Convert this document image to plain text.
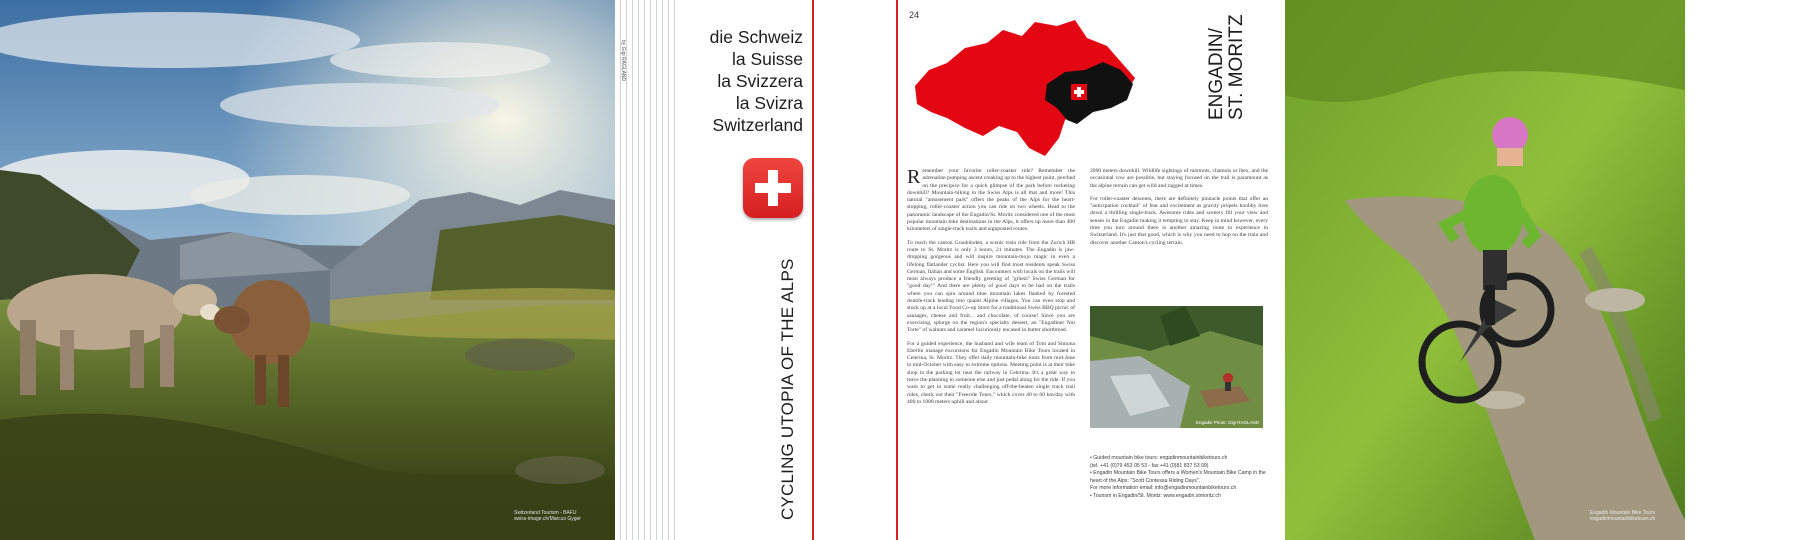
Switzerland Tourism - BAFU
swiss-image.ch/Marcus Gyger
die Schweiz
la Suisse
la Svizzera
la Svizra
Switzerland
CYCLING UTOPIA OF THE ALPS
by Gigi RAGLAND
24
ENGADIN/ ST. MORITZ

Remember your favorite roller-coaster ride? Remember the adrenaline pumping ascent creaking up to the highest point, perched on the precipice for a quick glimpse of the park before rocketing downhill? Mountain-biking in the Swiss Alps is all that and more! This natural "amusement park" offers the peaks of the Alps for the heart-stopping, roller-coaster action you can ride on two wheels. Head to the panoramic landscape of the Engadin/St. Moritz considered one of the most popular mountain bike destinations in the Alps, it offers up more than 400 kilometers of single-track trails and signposted routes.

To reach the canton Graubünden, a scenic train ride from the Zurich HB route to St. Moritz is only 3 hours, 21 minutes. The Engadin is jaw-dropping gorgeous and will inspire mountain-mojo magic in even a lifelong flatlander cyclist. Here you will find most residents speak Swiss German, Italian and some English. Encounters with locals on the trails will most always produce a friendly greeting of "grüezi" Swiss German for "good day!" And there are plenty of good days to be had on the trails where you can spin around blue mountain lakes flanked by forested double-track leading into quaint Alpine villages. You can even stop and stock up at a local Food Co-op Store for a traditional Swiss BBQ picnic of sausages, cheese and fruit... and chocolate, of course! Since you are exercising, splurge on the region's specialty dessert, an "Engadiner Nut Torte" of walnuts and caramel luxuriously encased in butter shortbread.

For a guided experience, the husband and wife team of Tom and Simona Eberlin manage excursions for Engadin Mountain Bike Tours located in Celerina, St. Moritz. They offer daily mountain-bike tours from mid-June to mid-October with easy to extreme options. Meeting point is at their bike shop in the parking lot near the railway in Celerina. It's a great way to leave the planning to someone else and just pedal along for the ride. If you want to get in some really challenging off-the-beaten single track trail rides, check out their "Freeride Tours," which cover 40 to 60 km/day with 400 to 1000 meters uphill and about

2000 meters downhill. Wildlife sightings of marmots, chamois or ibex, and the occasional cow are possible, but staying focused on the trail is paramount as the alpine terrain can get wild and rugged at times.

For roller-coaster descents, there are definitely pinnacle points that offer an "anticipation cocktail" of fear and excitement as gravity propels knobby tires down a thrilling single-track. Awesome rides and scenery fill your view and senses in the Engadin making it tempting to stay. Keep in mind however, every time you turn around there is another amazing route to experience in Switzerland. It's just that good, which is why you need to hop on the train and discover another Canton's cycling terrain.

Engadin Photo: Gigi RAGLAND
• Guided mountain bike tours: engadinmountainbiketours.ch
(tel. +41 (0)79 453 05 53 - fax +41 (0)81 837 53 09)
• Engadin Mountain Bike Tours offers a Women's Mountain Bike Camp in the
heart of the Alps: "Scott Contessa Riding Days".
For more information email: info@engadinmountainbiketours.ch
• Tourism in Engadin/St. Moritz: www.engadin.stmoritz.ch
Engadin Mountain Bike Tours
engadinmountainbiketours.ch
